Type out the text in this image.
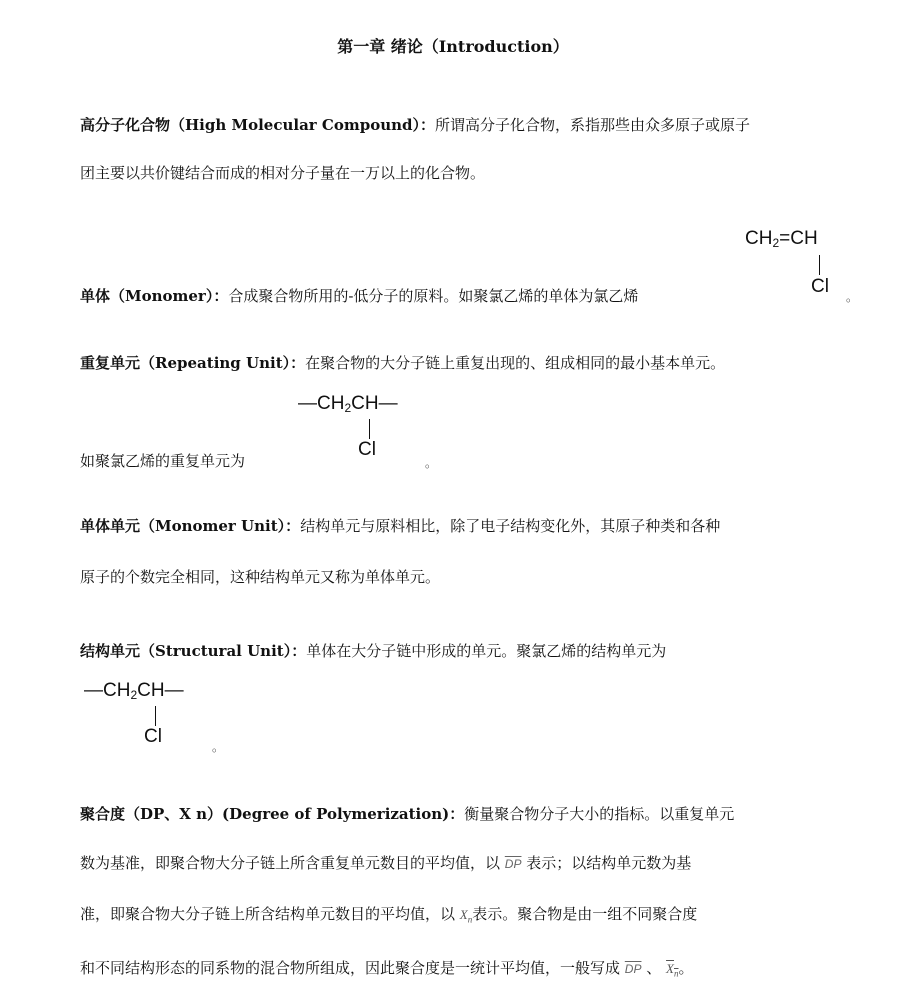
第一章 绪论（Introduction）
高分子化合物（High Molecular Compound）：所谓高分子化合物，系指那些由众多原子或原子
团主要以共价键结合而成的相对分子量在一万以上的化合物。
单体（Monomer）：合成聚合物所用的-低分子的原料。如聚氯乙烯的单体为氯乙烯
$CH_2=CH$
Cl 。
重复单元（Repeating Unit）：在聚合物的大分子链上重复出现的、组成相同的最小基本单元。
$—CH_2CH—$
Cl
如聚氯乙烯的重复单元为	。
单体单元（Monomer Unit）：结构单元与原料相比，除了电子结构变化外，其原子种类和各种
原子的个数完全相同，这种结构单元又称为单体单元。
结构单元（Structural Unit）：单体在大分子链中形成的单元。聚氯乙烯的结构单元为
$—CH_2CH—$
Cl	。
聚合度（DP、X n）(Degree of Polymerization)：衡量聚合物分子大小的指标。以重复单元
数为基准，即聚合物大分子链上所含重复单元数目的平均值，以 $\overline{DP}$ 表示；以结构单元数为基
准，即聚合物大分子链上所含结构单元数目的平均值，以 $X_n$表示。聚合物是由一组不同聚合度
和不同结构形态的同系物的混合物所组成，因此聚合度是一统计平均值，一般写成 $\overline{DP}$ 、 $X_n$。
